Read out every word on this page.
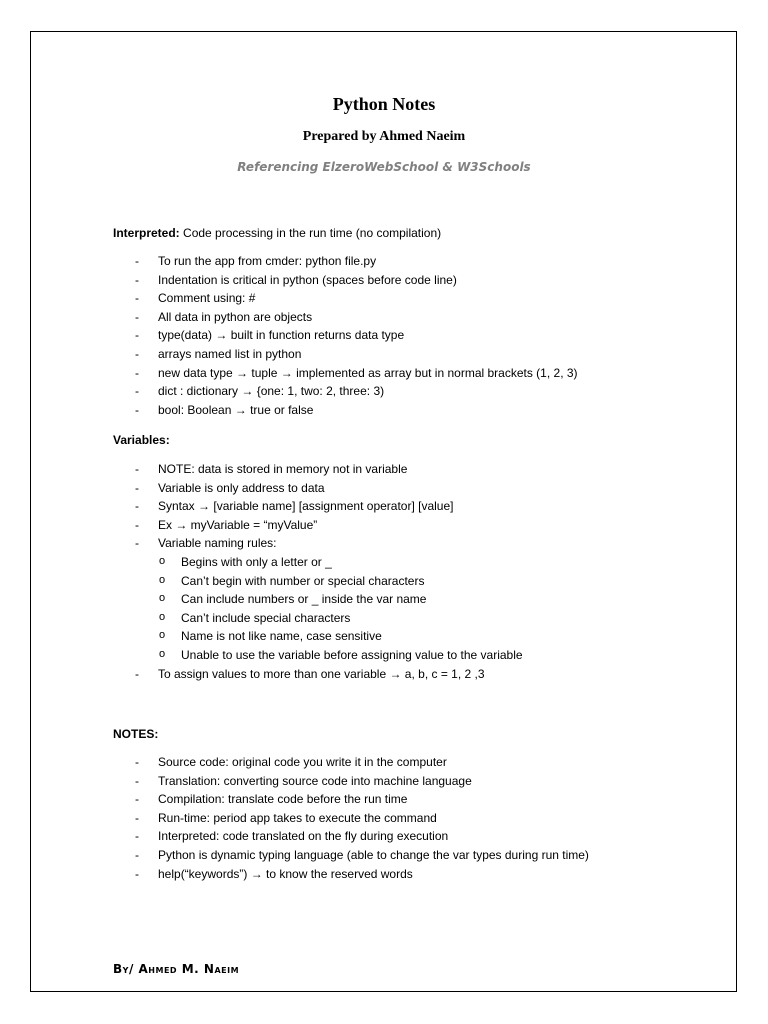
Python Notes
Prepared by Ahmed Naeim
Referencing ElzeroWebSchool & W3Schools
Interpreted: Code processing in the run time (no compilation)
- To run the app from cmder: python file.py
- Indentation is critical in python (spaces before code line)
- Comment using: #
- All data in python are objects
- type(data) → built in function returns data type
- arrays named list in python
- new data type → tuple → implemented as array but in normal brackets (1, 2, 3)
- dict : dictionary → {one: 1, two: 2, three: 3)
- bool: Boolean → true or false
Variables:
- NOTE: data is stored in memory not in variable
- Variable is only address to data
- Syntax → [variable name] [assignment operator] [value]
- Ex → myVariable = “myValue”
- Variable naming rules:
o Begins with only a letter or _
o Can’t begin with number or special characters
o Can include numbers or _ inside the var name
o Can’t include special characters
o Name is not like name, case sensitive
o Unable to use the variable before assigning value to the variable
- To assign values to more than one variable → a, b, c = 1, 2 ,3
NOTES:
- Source code: original code you write it in the computer
- Translation: converting source code into machine language
- Compilation: translate code before the run time
- Run-time: period app takes to execute the command
- Interpreted: code translated on the fly during execution
- Python is dynamic typing language (able to change the var types during run time)
- help(“keywords”) → to know the reserved words
By/ Ahmed M. Naeim
